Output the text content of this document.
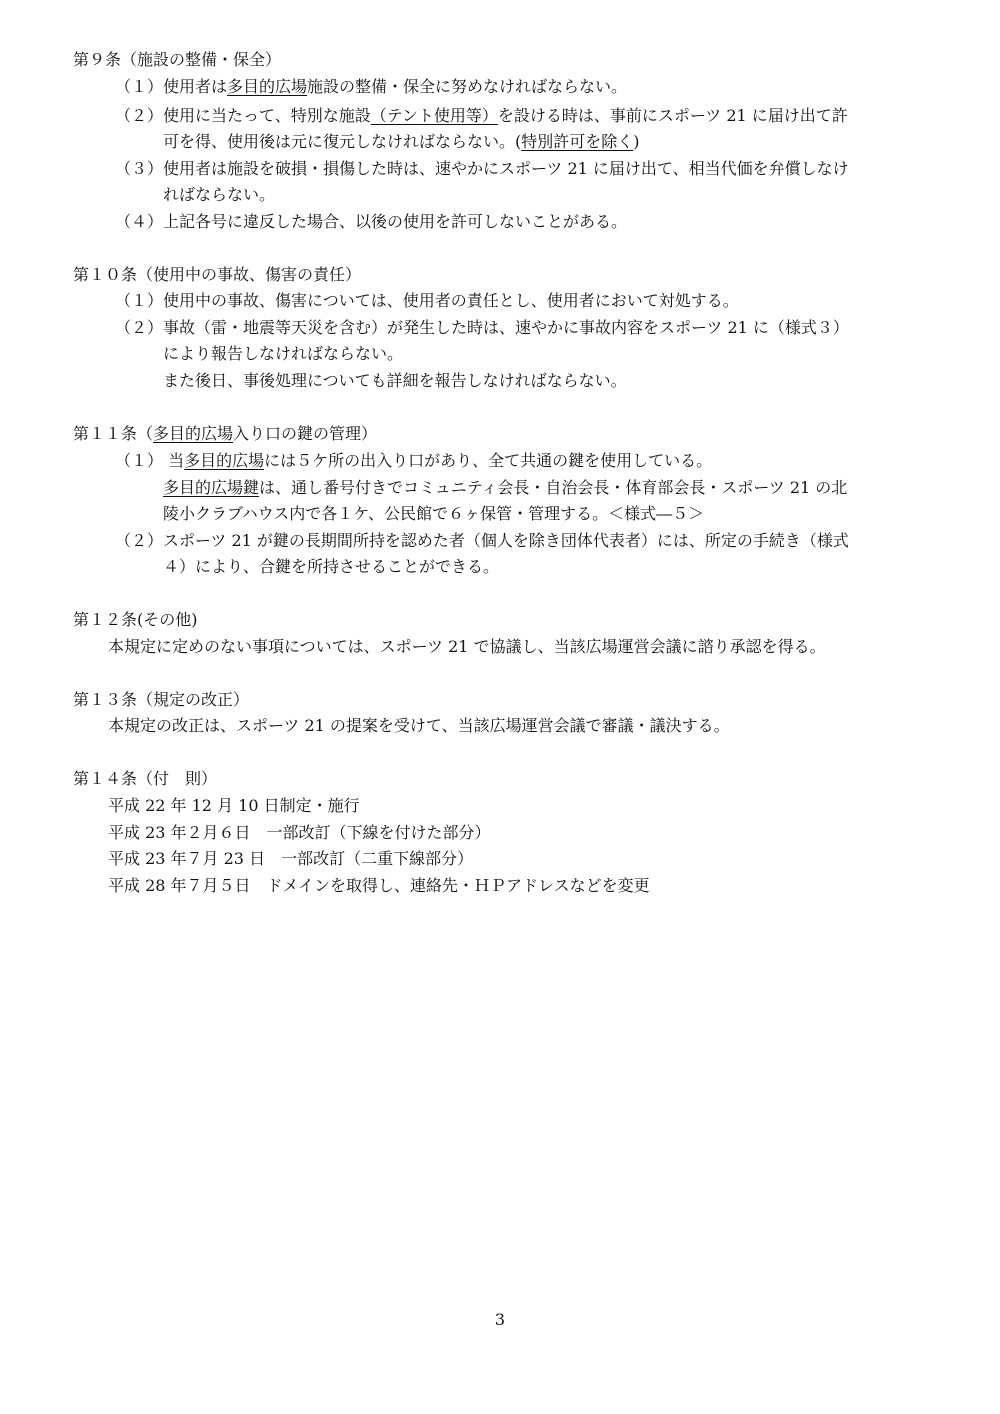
第９条（施設の整備・保全）
（１）使用者は多目的広場施設の整備・保全に努めなければならない。
（２）使用に当たって、特別な施設（テント使用等）を設ける時は、事前にスポーツ 21 に届け出て許
可を得、使用後は元に復元しなければならない。(特別許可を除く)
（３）使用者は施設を破損・損傷した時は、速やかにスポーツ 21 に届け出て、相当代価を弁償しなけ
ればならない。
（４）上記各号に違反した場合、以後の使用を許可しないことがある。
第１０条（使用中の事故、傷害の責任）
（１）使用中の事故、傷害については、使用者の責任とし、使用者において対処する。
（２）事故（雷・地震等天災を含む）が発生した時は、速やかに事故内容をスポーツ 21 に（様式３）
により報告しなければならない。
また後日、事後処理についても詳細を報告しなければならない。
第１１条（多目的広場入り口の鍵の管理）
（１） 当多目的広場には５ケ所の出入り口があり、全て共通の鍵を使用している。
多目的広場鍵は、通し番号付きでコミュニティ会長・自治会長・体育部会長・スポーツ 21 の北
陵小クラブハウス内で各１ケ、公民館で６ヶ保管・管理する。＜様式―５＞
（２）スポーツ 21 が鍵の長期間所持を認めた者（個人を除き団体代表者）には、所定の手続き（様式
４）により、合鍵を所持させることができる。
第１２条(その他)
本規定に定めのない事項については、スポーツ 21 で協議し、当該広場運営会議に諮り承認を得る。
第１３条（規定の改正）
本規定の改正は、スポーツ 21 の提案を受けて、当該広場運営会議で審議・議決する。
第１４条（付　則）
平成 22 年 12 月 10 日制定・施行
平成 23 年２月６日　一部改訂（下線を付けた部分）
平成 23 年７月 23 日　一部改訂（二重下線部分）
平成 28 年７月５日　ドメインを取得し、連絡先・ＨＰアドレスなどを変更
3
